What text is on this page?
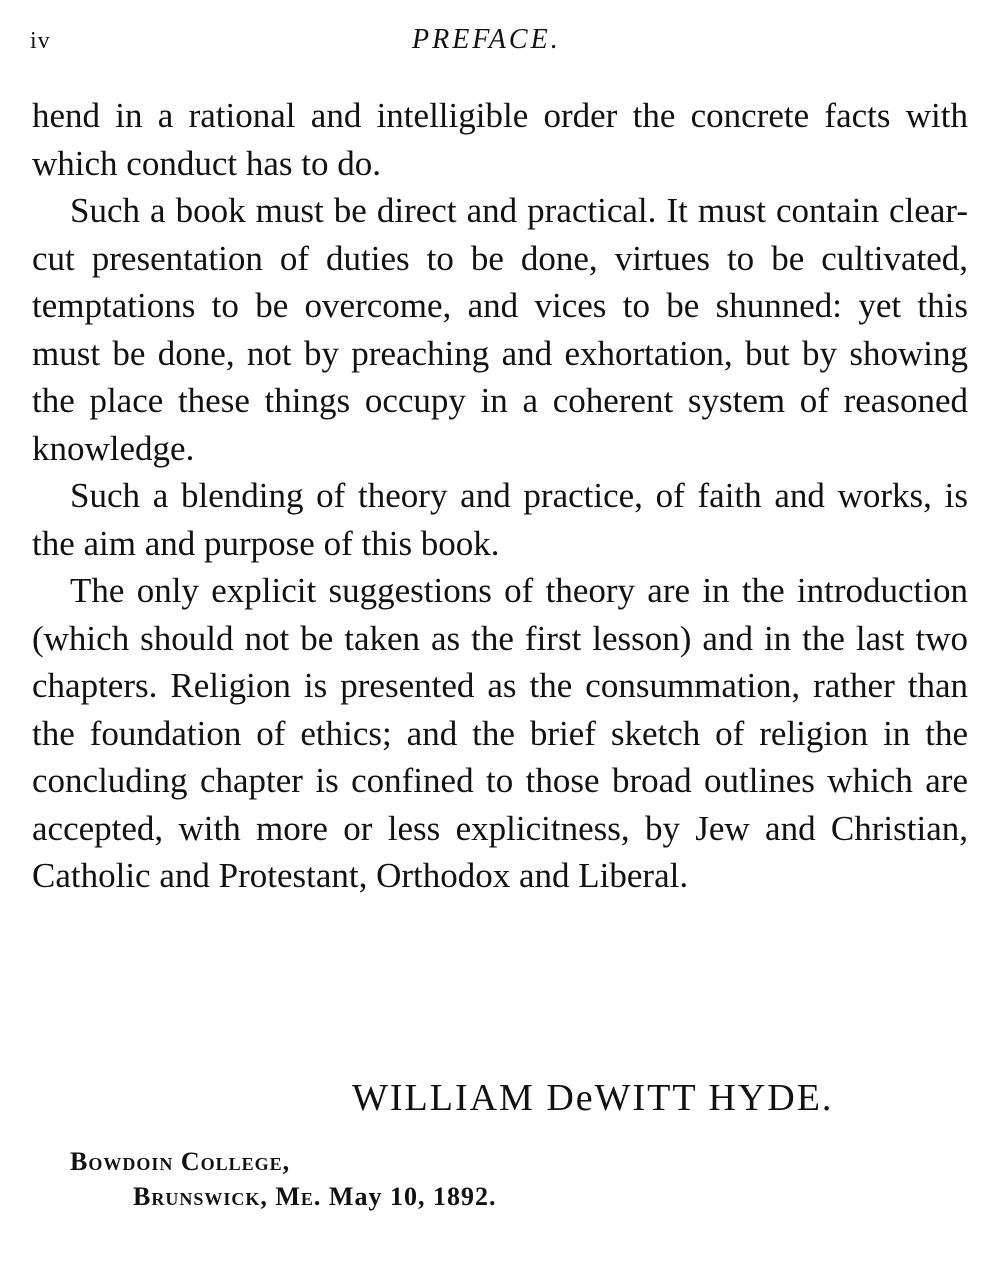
iv	PREFACE.

hend in a rational and intelligible order the concrete facts with which conduct has to do.

Such a book must be direct and practical. It must contain clear-cut presentation of duties to be done, virtues to be cultivated, temptations to be overcome, and vices to be shunned: yet this must be done, not by preaching and exhortation, but by showing the place these things occupy in a coherent system of reasoned knowledge.

Such a blending of theory and practice, of faith and works, is the aim and purpose of this book.

The only explicit suggestions of theory are in the introduction (which should not be taken as the first lesson) and in the last two chapters. Religion is presented as the consummation, rather than the foundation of ethics; and the brief sketch of religion in the concluding chapter is confined to those broad outlines which are accepted, with more or less explicitness, by Jew and Christian, Catholic and Protestant, Orthodox and Liberal.

WILLIAM DeWITT HYDE.
Bowdoin College,
Brunswick, Me. May 10, 1892.
